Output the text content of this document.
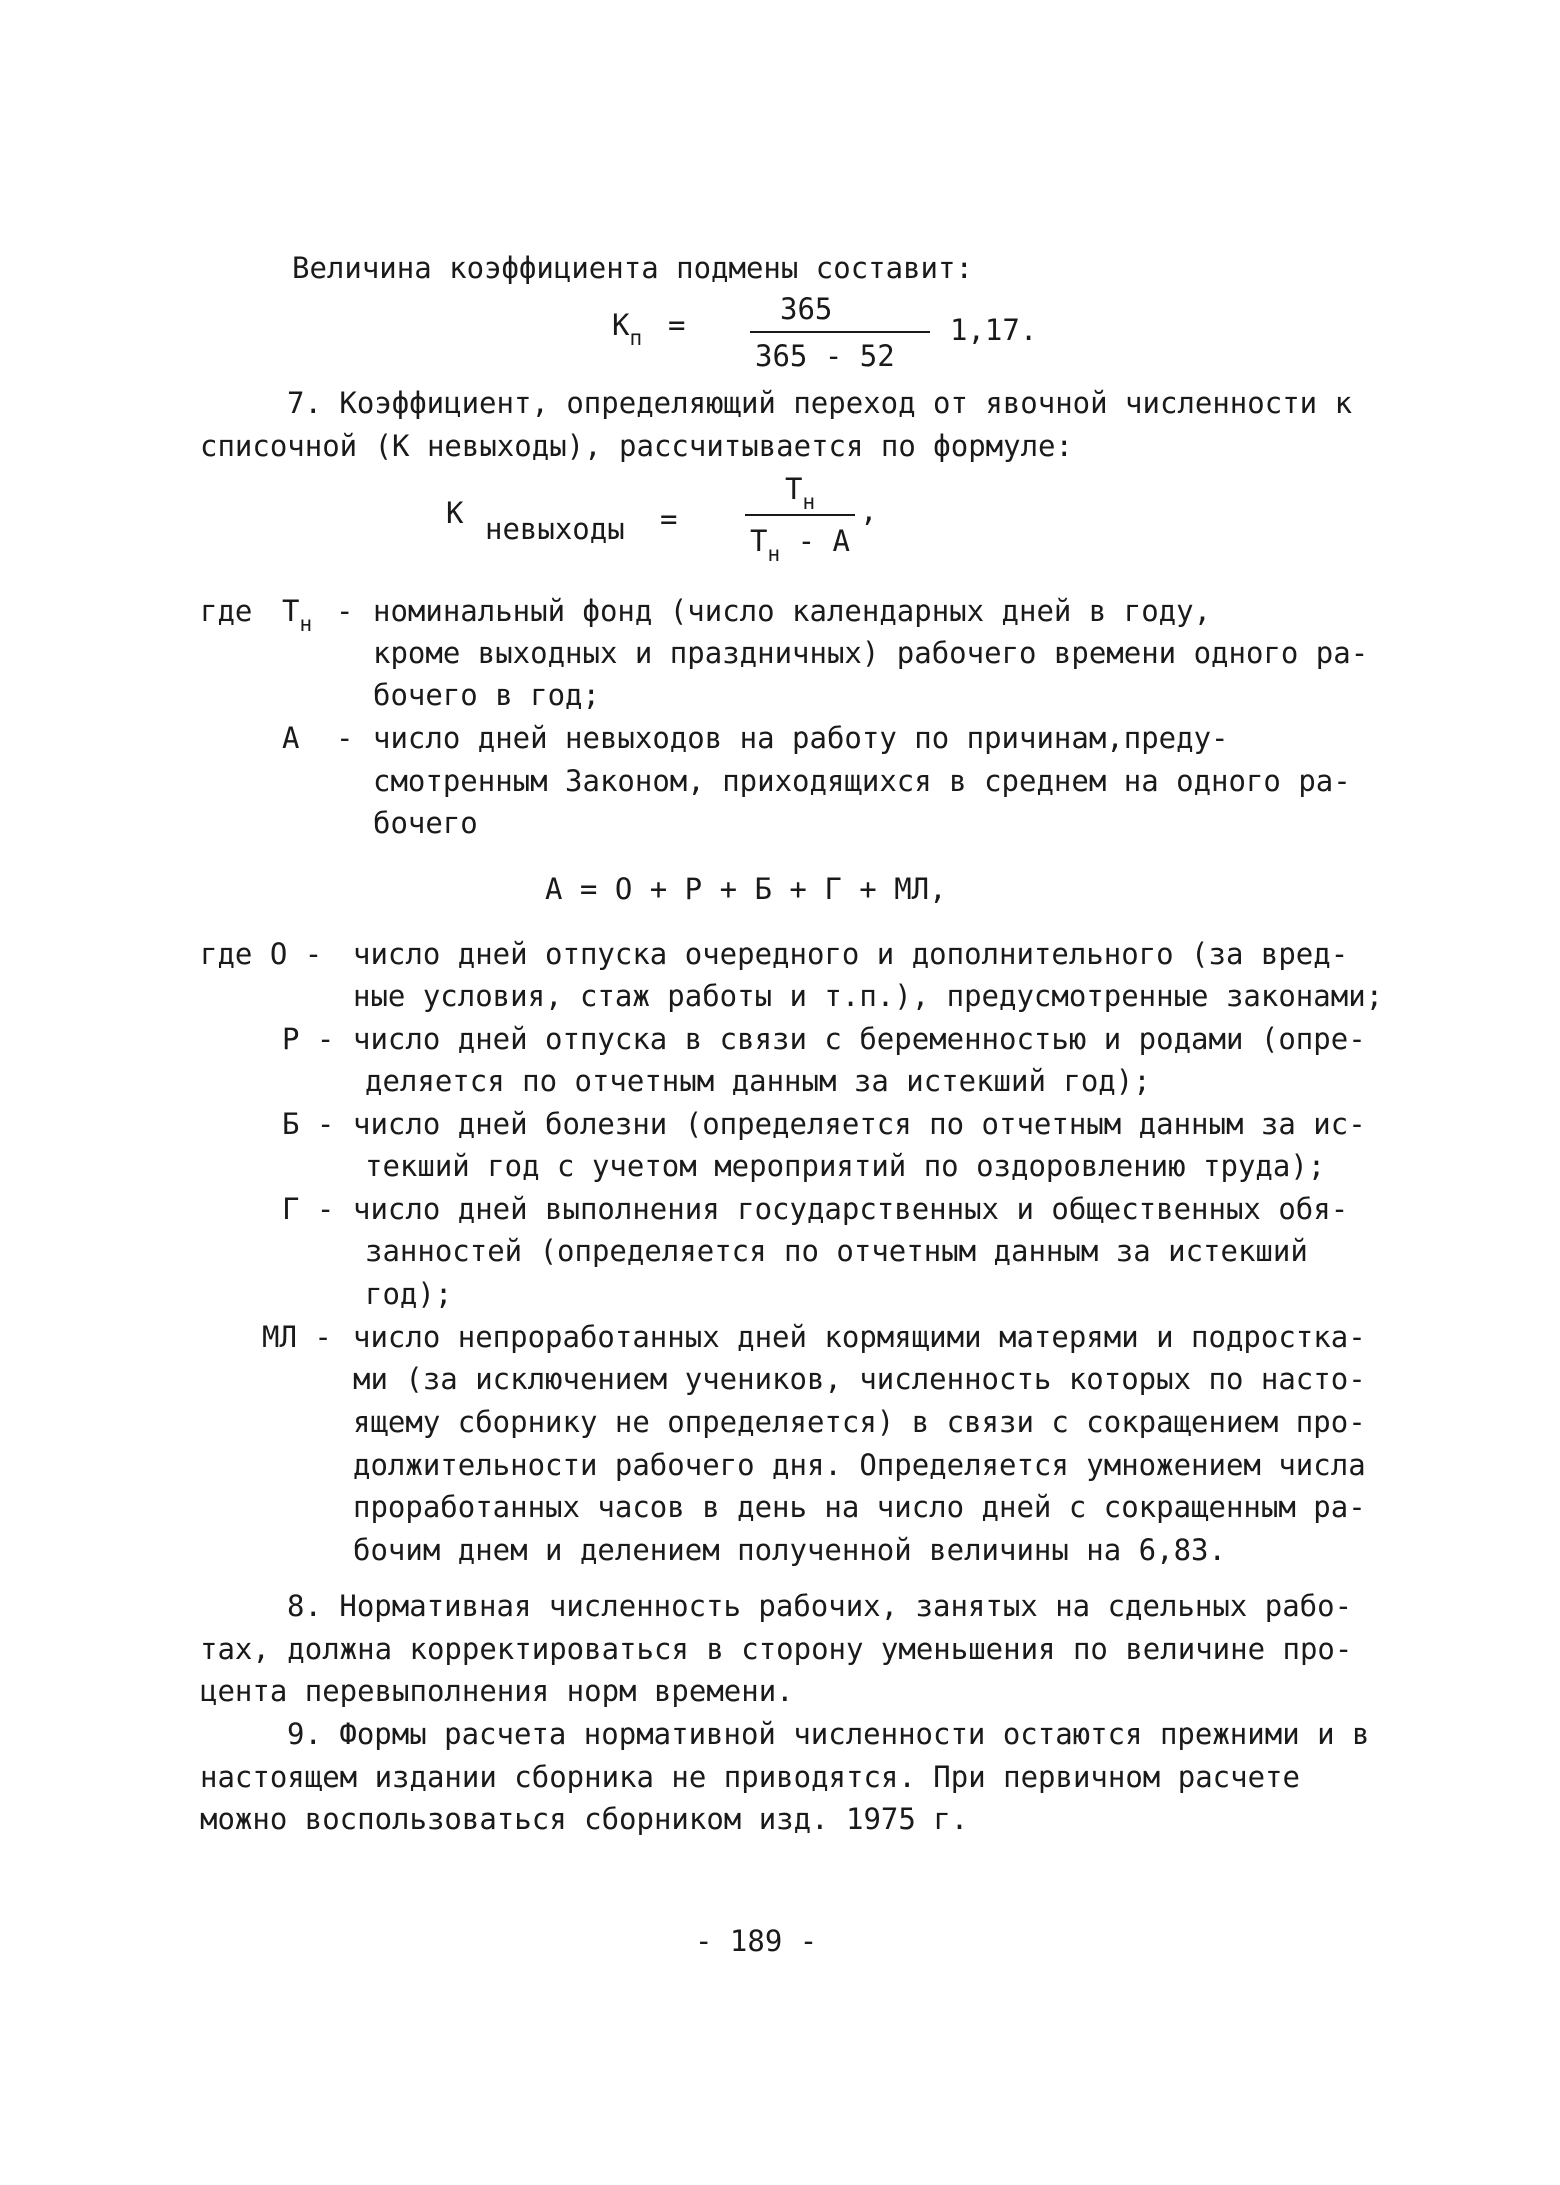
Величина коэффициента подмены составит:
$К_п$ =	365
365 - 52
1,17.
7. Коэффициент, определяющий переход от явочной численности к
списочной (К невыходы), рассчитывается по формуле:
К невыходы =
$Т_н$
$Т_н$ - А
,
где $Т_н$ - номинальный фонд (число календарных дней в году,
кроме выходных и праздничных) рабочего времени одного ра-
бочего в год;
А - число дней невыходов на работу по причинам,преду-
смотренным Законом, приходящихся в среднем на одного ра-
бочего
А = О + Р + Б + Г + МЛ,
где О - число дней отпуска очередного и дополнительного (за вред-
ные условия, стаж работы и т.п.), предусмотренные законами;
Р - число дней отпуска в связи с беременностью и родами (опре-
деляется по отчетным данным за истекший год);
Б - число дней болезни (определяется по отчетным данным за ис-
текший год с учетом мероприятий по оздоровлению труда);
Г - число дней выполнения государственных и общественных обя-
занностей (определяется по отчетным данным за истекший
год);
МЛ - число непроработанных дней кормящими матерями и подростка-
ми (за исключением учеников, численность которых по насто-
ящему сборнику не определяется) в связи с сокращением про-
должительности рабочего дня. Определяется умножением числа
проработанных часов в день на число дней с сокращенным ра-
бочим днем и делением полученной величины на 6,83.
8. Нормативная численность рабочих, занятых на сдельных рабо-
тах, должна корректироваться в сторону уменьшения по величине про-
цента перевыполнения норм времени.
9. Формы расчета нормативной численности остаются прежними и в
настоящем издании сборника не приводятся. При первичном расчете
можно воспользоваться сборником изд. 1975 г.
- 189 -
